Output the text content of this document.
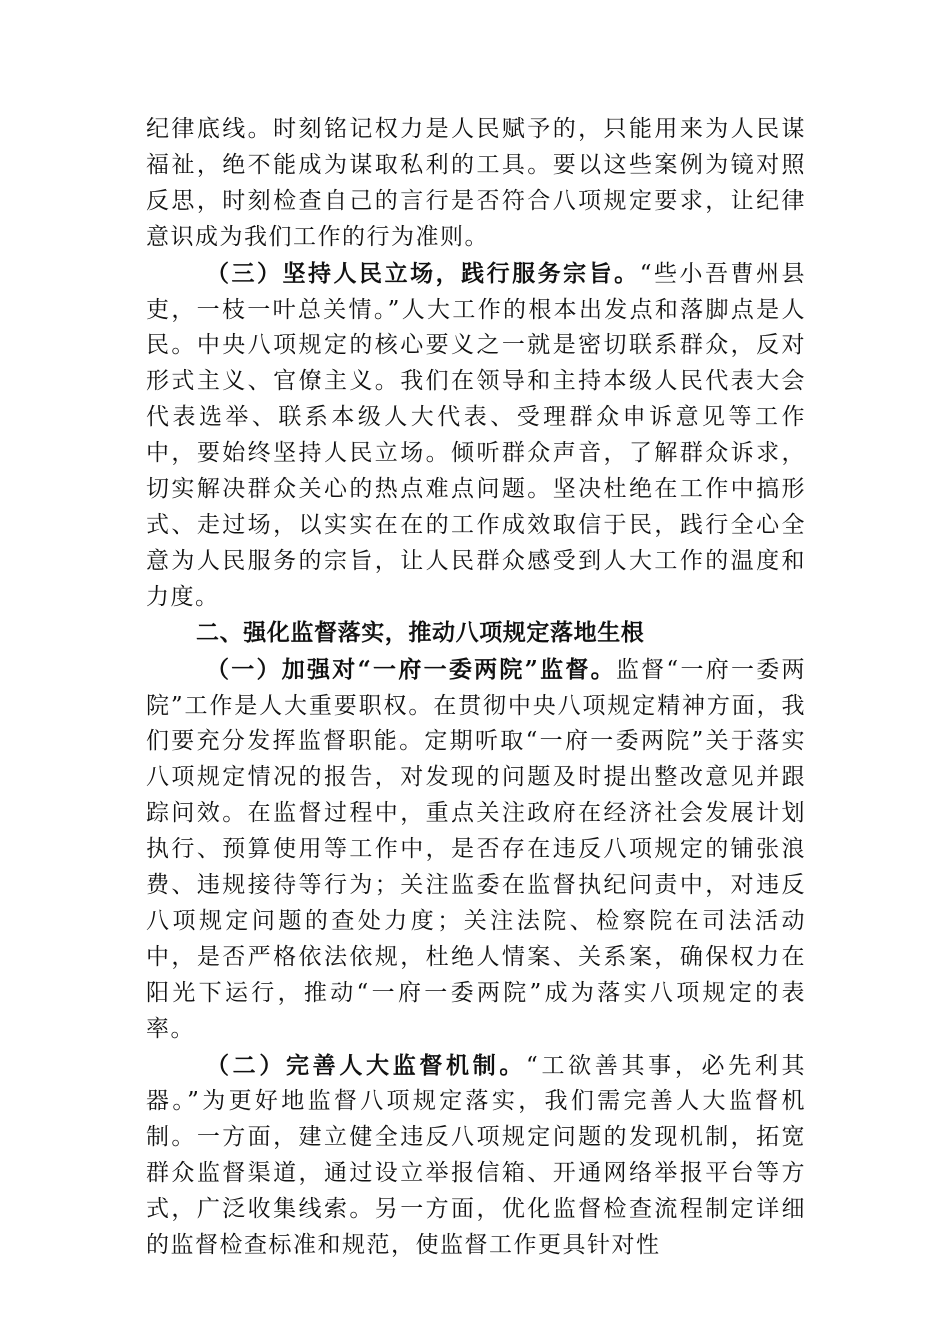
纪律底线。时刻铭记权力是人民赋予的，只能用来为人民谋福祉，绝不能成为谋取私利的工具。要以这些案例为镜对照反思，时刻检查自己的言行是否符合八项规定要求，让纪律意识成为我们工作的行为准则。

（三）坚持人民立场，践行服务宗旨。“些小吾曹州县吏，一枝一叶总关情。”人大工作的根本出发点和落脚点是人民。中央八项规定的核心要义之一就是密切联系群众，反对形式主义、官僚主义。我们在领导和主持本级人民代表大会代表选举、联系本级人大代表、受理群众申诉意见等工作中，要始终坚持人民立场。倾听群众声音，了解群众诉求，切实解决群众关心的热点难点问题。坚决杜绝在工作中搞形式、走过场，以实实在在的工作成效取信于民，践行全心全意为人民服务的宗旨，让人民群众感受到人大工作的温度和力度。

二、强化监督落实，推动八项规定落地生根

（一）加强对“一府一委两院”监督。监督“一府一委两院”工作是人大重要职权。在贯彻中央八项规定精神方面，我们要充分发挥监督职能。定期听取“一府一委两院”关于落实八项规定情况的报告，对发现的问题及时提出整改意见并跟踪问效。在监督过程中，重点关注政府在经济社会发展计划执行、预算使用等工作中，是否存在违反八项规定的铺张浪费、违规接待等行为；关注监委在监督执纪问责中，对违反八项规定问题的查处力度；关注法院、检察院在司法活动中，是否严格依法依规，杜绝人情案、关系案，确保权力在阳光下运行，推动“一府一委两院”成为落实八项规定的表率。

（二）完善人大监督机制。“工欲善其事，必先利其器。”为更好地监督八项规定落实，我们需完善人大监督机制。一方面，建立健全违反八项规定问题的发现机制，拓宽群众监督渠道，通过设立举报信箱、开通网络举报平台等方式，广泛收集线索。另一方面，优化监督检查流程制定详细的监督检查标准和规范，使监督工作更具针对性
